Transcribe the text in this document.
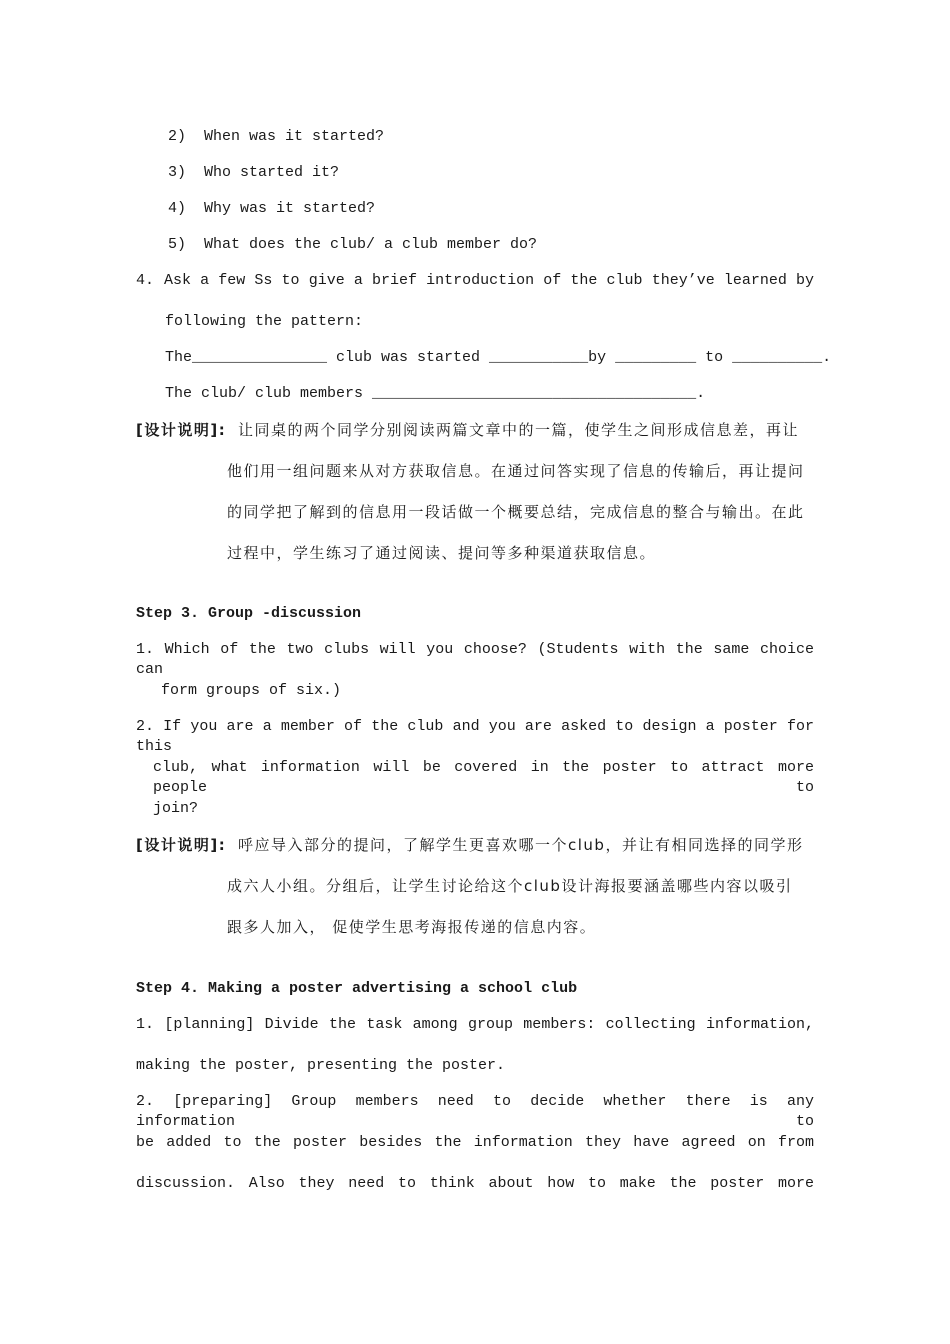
2)  When was it started?
3)  Who started it?
4)  Why was it started?
5)  What does the club/ a club member do?
4. Ask a few Ss to give a brief introduction of the club they’ve learned by
following the pattern:
The_______________ club was started ___________by _________ to __________.
The club/ club members ____________________________________.
[设计说明]: 让同桌的两个同学分别阅读两篇文章中的一篇，使学生之间形成信息差，再让
他们用一组问题来从对方获取信息。在通过问答实现了信息的传输后，再让提问
的同学把了解到的信息用一段话做一个概要总结，完成信息的整合与输出。在此
过程中，学生练习了通过阅读、提问等多种渠道获取信息。
Step 3. Group -discussion
1. Which of the two clubs will you choose? (Students with the same choice can
form groups of six.)
2. If you are a member of the club and you are asked to design a poster for this
club, what information will be covered in the poster to attract more people to
join?
[设计说明]: 呼应导入部分的提问，了解学生更喜欢哪一个club，并让有相同选择的同学形
成六人小组。分组后，让学生讨论给这个club设计海报要涵盖哪些内容以吸引
跟多人加入， 促使学生思考海报传递的信息内容。
Step 4. Making a poster advertising a school club
1. [planning] Divide the task among group members: collecting information,
making the poster, presenting the poster.
2. [preparing] Group members need to decide whether there is any information to
be added to the poster besides the information they have agreed on from
discussion. Also they need to think about how to make the poster more
